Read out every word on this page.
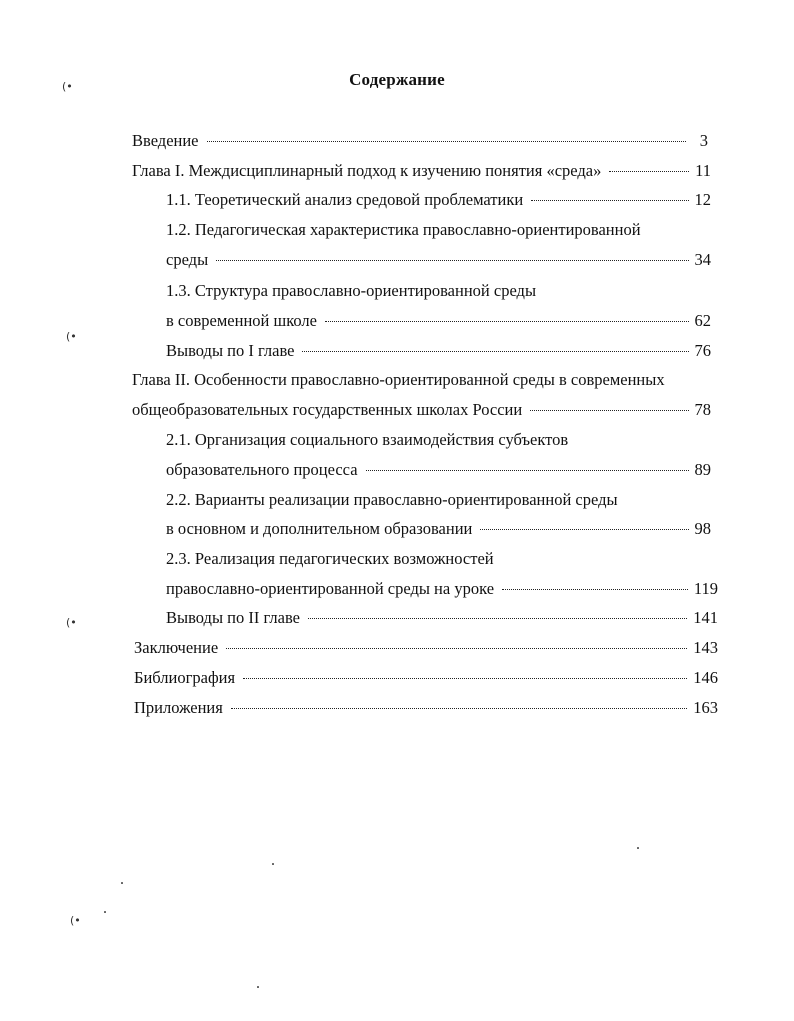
Содержание
Введение	3
Глава I. Междисциплинарный подход к изучению понятия «среда»	11
1.1. Теоретический анализ средовой проблематики	12
1.2. Педагогическая характеристика православно-ориентированной
среды	34
1.3. Структура православно-ориентированной среды
в современной школе	62
Выводы по I главе	76
Глава II. Особенности православно-ориентированной среды в современных
общеобразовательных государственных школах России	78
2.1. Организация социального взаимодействия субъектов
образовательного процесса	89
2.2. Варианты реализации православно-ориентированной среды
в основном и дополнительном образовании	98
2.3. Реализация педагогических возможностей
православно-ориентированной среды на уроке	119
Выводы по II главе	141
Заключение	143
Библиография	146
Приложения	163
(•
(•
(•
(•
